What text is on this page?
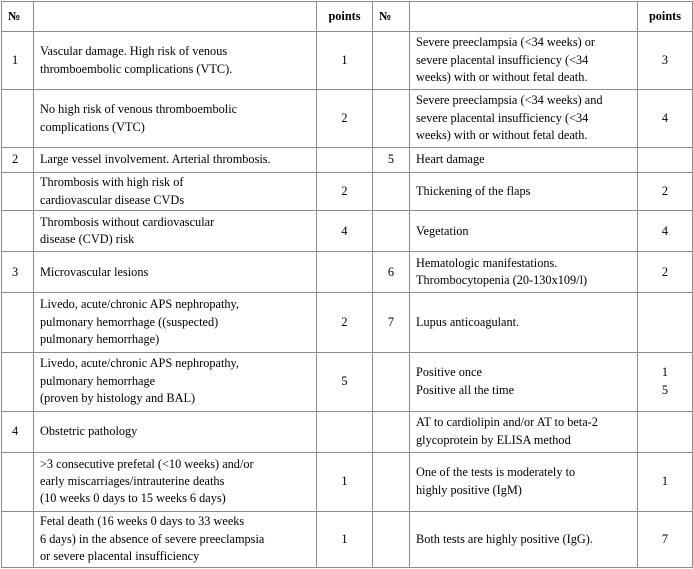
№		points	№		points
1	Vascular damage. High risk of venous
thromboembolic complications (VTC).	1		Severe preeclampsia (<34 weeks) or
severe placental insufficiency (<34
weeks) with or without fetal death.	3

	No high risk of venous thromboembolic
complications (VTC)	2		Severe preeclampsia (<34 weeks) and
severe placental insufficiency (<34
weeks) with or without fetal death.	4

2	Large vessel involvement. Arterial thrombosis.		5	Heart damage	

	Thrombosis with high risk of
cardiovascular disease CVDs	2		Thickening of the flaps	2

	Thrombosis without cardiovascular
disease (CVD) risk	4		Vegetation	4

3	Microvascular lesions		6	Hematologic manifestations.
Thrombocytopenia (20-130x109/l)	2

	Livedo, acute/chronic APS nephropathy,
pulmonary hemorrhage ((suspected)
pulmonary hemorrhage)	2	7	Lupus anticoagulant.	

	Livedo, acute/chronic APS nephropathy,
pulmonary hemorrhage
(proven by histology and BAL)	5		Positive once
Positive all the time	1
5

4	Obstetric pathology			AT to cardiolipin and/or AT to beta-2
glycoprotein by ELISA method	

	>3 consecutive prefetal (<10 weeks) and/or
early miscarriages/intrauterine deaths
(10 weeks 0 days to 15 weeks 6 days)	1		One of the tests is moderately to
highly positive (IgM)	1

	Fetal death (16 weeks 0 days to 33 weeks
6 days) in the absence of severe preeclampsia
or severe placental insufficiency	1		Both tests are highly positive (IgG).	7
